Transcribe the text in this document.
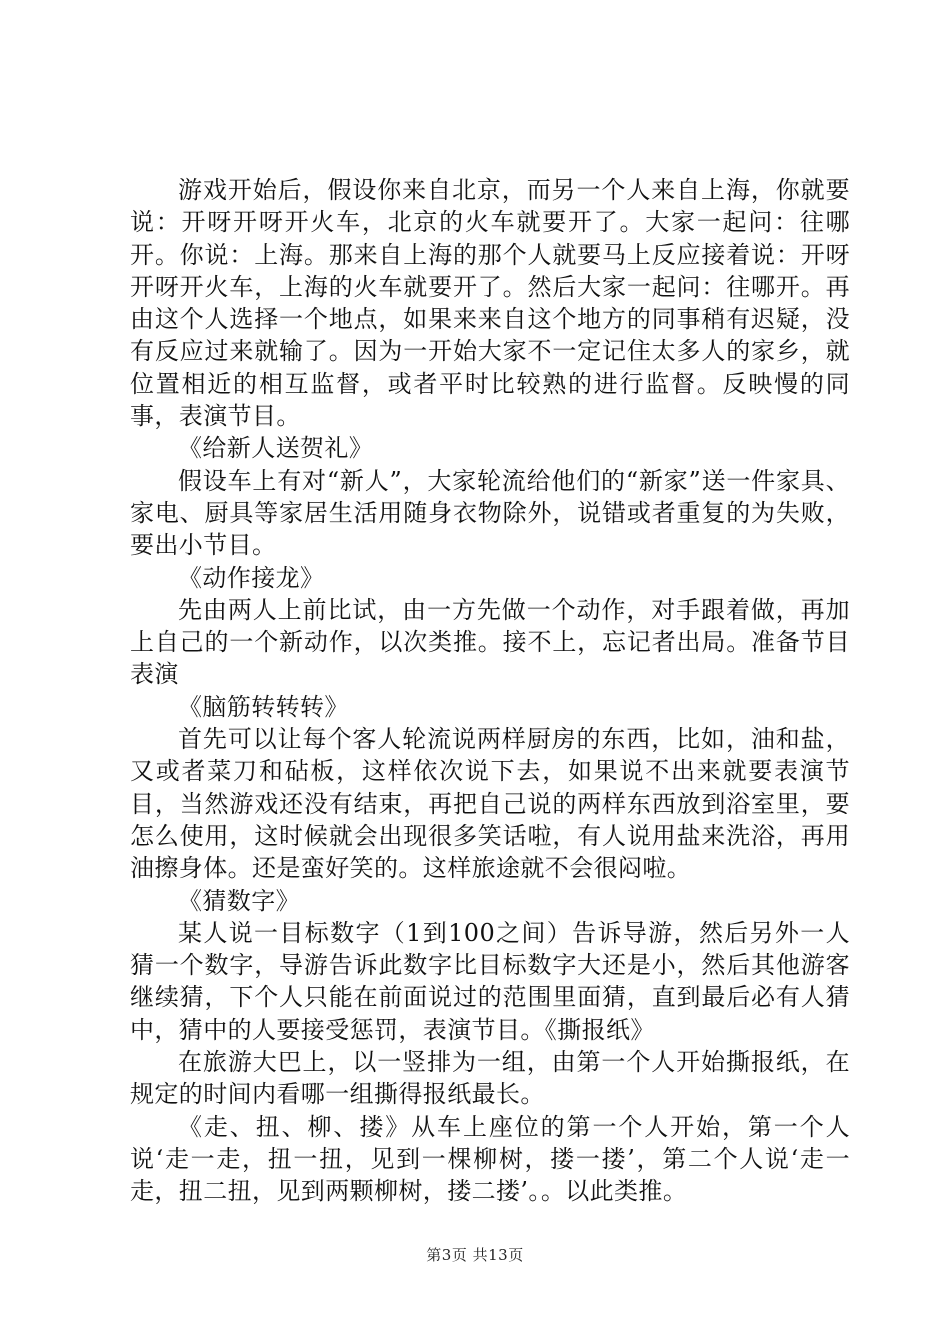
游戏开始后，假设你来自北京，而另一个人来自上海，你就要说：开呀开呀开火车，北京的火车就要开了。大家一起问：往哪开。你说：上海。那来自上海的那个人就要马上反应接着说：开呀开呀开火车，上海的火车就要开了。然后大家一起问：往哪开。再由这个人选择一个地点，如果来来自这个地方的同事稍有迟疑，没有反应过来就输了。因为一开始大家不一定记住太多人的家乡，就位置相近的相互监督，或者平时比较熟的进行监督。反映慢的同事，表演节目。

《给新人送贺礼》

假设车上有对“新人”，大家轮流给他们的“新家”送一件家具、家电、厨具等家居生活用随身衣物除外，说错或者重复的为失败，要出小节目。

《动作接龙》

先由两人上前比试，由一方先做一个动作，对手跟着做，再加上自己的一个新动作，以次类推。接不上，忘记者出局。准备节目表演

《脑筋转转转》

首先可以让每个客人轮流说两样厨房的东西，比如，油和盐，又或者菜刀和砧板，这样依次说下去，如果说不出来就要表演节目，当然游戏还没有结束，再把自己说的两样东西放到浴室里，要怎么使用，这时候就会出现很多笑话啦，有人说用盐来洗浴，再用油擦身体。还是蛮好笑的。这样旅途就不会很闷啦。

《猜数字》

某人说一目标数字（1到100之间）告诉导游，然后另外一人猜一个数字，导游告诉此数字比目标数字大还是小，然后其他游客继续猜，下个人只能在前面说过的范围里面猜，直到最后必有人猜中，猜中的人要接受惩罚，表演节目。《撕报纸》

在旅游大巴上，以一竖排为一组，由第一个人开始撕报纸，在规定的时间内看哪一组撕得报纸最长。

《走、扭、柳、搂》从车上座位的第一个人开始，第一个人说‘走一走，扭一扭，见到一棵柳树，搂一搂’，第二个人说‘走一走，扭二扭，见到两颗柳树，搂二搂’。。以此类推。

第3页 共13页
